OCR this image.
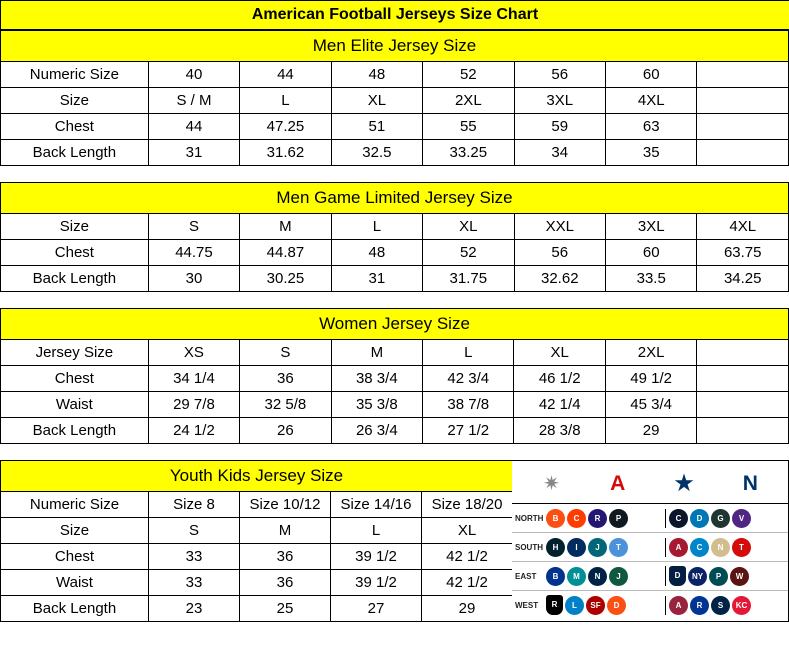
American Football Jerseys Size Chart
Men Elite Jersey Size							
Numeric Size	40	44	48	52	56	60	
Size	S / M	L	XL	2XL	3XL	4XL	
Chest	44	47.25	51	55	59	63	
Back Length	31	31.62	32.5	33.25	34	35	
Men Game Limited Jersey Size							
Size	S	M	L	XL	XXL	3XL	4XL
Chest	44.75	44.87	48	52	56	60	63.75
Back Length	30	30.25	31	31.75	32.62	33.5	34.25
Women Jersey Size							
Jersey Size	XS	S	M	L	XL	2XL	
Chest	34 1/4	36	38 3/4	42 3/4	46 1/2	49 1/2	
Waist	29 7/8	32 5/8	35 3/8	38 7/8	42 1/4	45 3/4	
Back Length	24 1/2	26	26 3/4	27 1/2	28 3/8	29	
Youth Kids Jersey Size				
Numeric Size	Size 8	Size 10/12	Size 14/16	Size 18/20
Size	S	M	L	XL
Chest	33	36	39 1/2	42 1/2
Waist	33	36	39 1/2	42 1/2
Back Length	23	25	27	29
✷ A ★ N
NORTH	B	C	R	P	C	D	G	V
SOUTH	H	I	J	T	A	C	N	T
EAST	B	M	N	J	D	NY	P	W
WEST	R	L	SF	D	A	R	S	KC
